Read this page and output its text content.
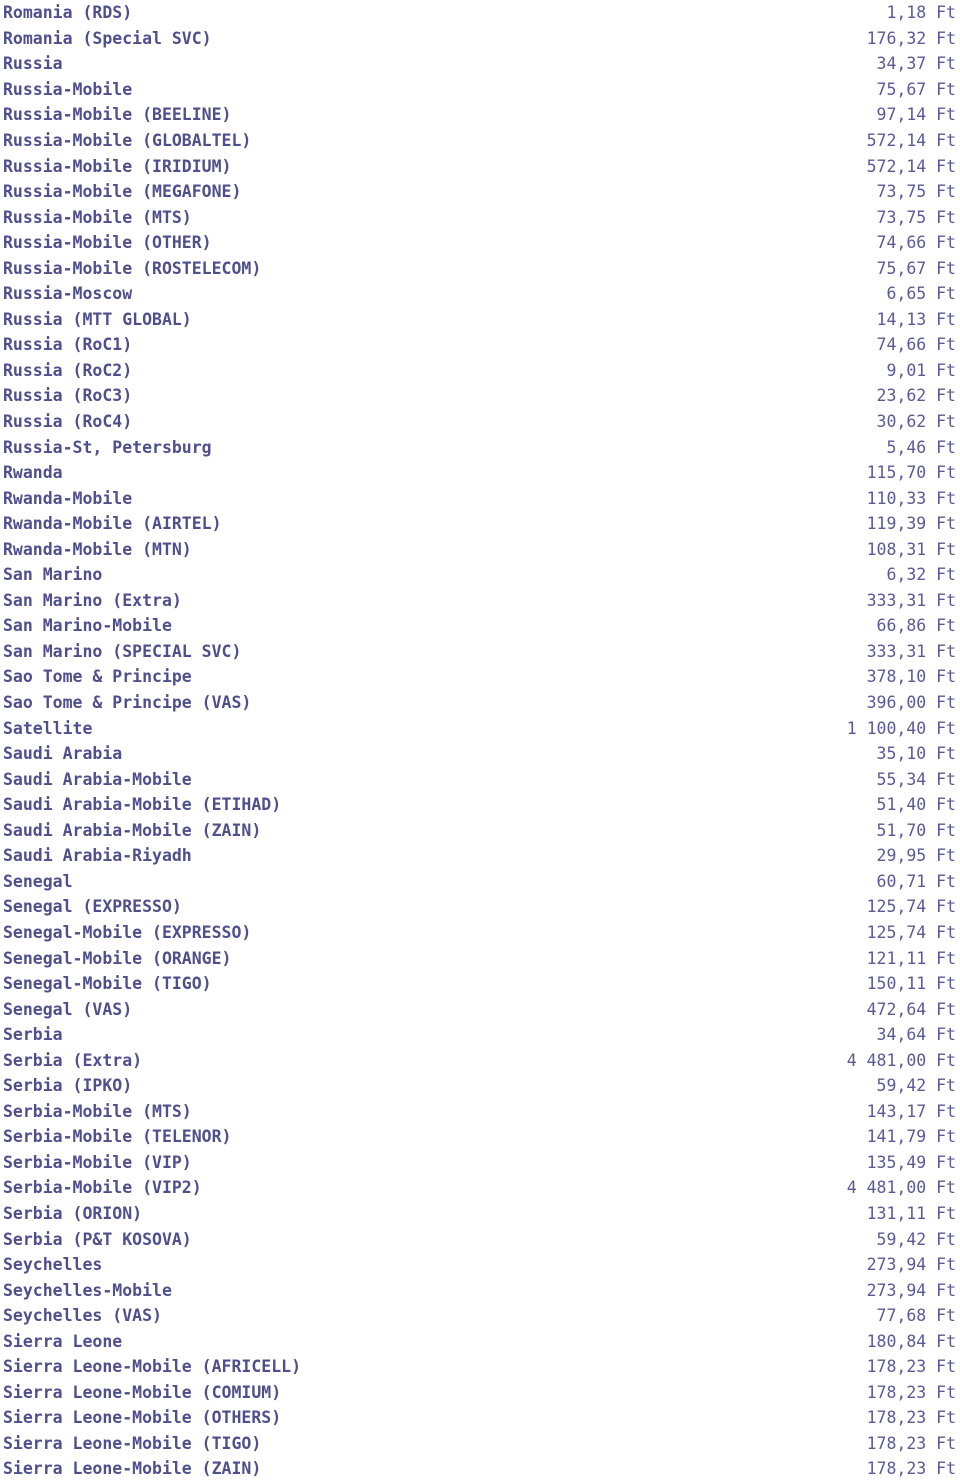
Romania (RDS)	1,18 Ft
Romania (Special SVC)	176,32 Ft
Russia	34,37 Ft
Russia-Mobile	75,67 Ft
Russia-Mobile (BEELINE)	97,14 Ft
Russia-Mobile (GLOBALTEL)	572,14 Ft
Russia-Mobile (IRIDIUM)	572,14 Ft
Russia-Mobile (MEGAFONE)	73,75 Ft
Russia-Mobile (MTS)	73,75 Ft
Russia-Mobile (OTHER)	74,66 Ft
Russia-Mobile (ROSTELECOM)	75,67 Ft
Russia-Moscow	6,65 Ft
Russia (MTT GLOBAL)	14,13 Ft
Russia (RoC1)	74,66 Ft
Russia (RoC2)	9,01 Ft
Russia (RoC3)	23,62 Ft
Russia (RoC4)	30,62 Ft
Russia-St, Petersburg	5,46 Ft
Rwanda	115,70 Ft
Rwanda-Mobile	110,33 Ft
Rwanda-Mobile (AIRTEL)	119,39 Ft
Rwanda-Mobile (MTN)	108,31 Ft
San Marino	6,32 Ft
San Marino (Extra)	333,31 Ft
San Marino-Mobile	66,86 Ft
San Marino (SPECIAL SVC)	333,31 Ft
Sao Tome & Principe	378,10 Ft
Sao Tome & Principe (VAS)	396,00 Ft
Satellite	1 100,40 Ft
Saudi Arabia	35,10 Ft
Saudi Arabia-Mobile	55,34 Ft
Saudi Arabia-Mobile (ETIHAD)	51,40 Ft
Saudi Arabia-Mobile (ZAIN)	51,70 Ft
Saudi Arabia-Riyadh	29,95 Ft
Senegal	60,71 Ft
Senegal (EXPRESSO)	125,74 Ft
Senegal-Mobile (EXPRESSO)	125,74 Ft
Senegal-Mobile (ORANGE)	121,11 Ft
Senegal-Mobile (TIGO)	150,11 Ft
Senegal (VAS)	472,64 Ft
Serbia	34,64 Ft
Serbia (Extra)	4 481,00 Ft
Serbia (IPKO)	59,42 Ft
Serbia-Mobile (MTS)	143,17 Ft
Serbia-Mobile (TELENOR)	141,79 Ft
Serbia-Mobile (VIP)	135,49 Ft
Serbia-Mobile (VIP2)	4 481,00 Ft
Serbia (ORION)	131,11 Ft
Serbia (P&T KOSOVA)	59,42 Ft
Seychelles	273,94 Ft
Seychelles-Mobile	273,94 Ft
Seychelles (VAS)	77,68 Ft
Sierra Leone	180,84 Ft
Sierra Leone-Mobile (AFRICELL)	178,23 Ft
Sierra Leone-Mobile (COMIUM)	178,23 Ft
Sierra Leone-Mobile (OTHERS)	178,23 Ft
Sierra Leone-Mobile (TIGO)	178,23 Ft
Sierra Leone-Mobile (ZAIN)	178,23 Ft
